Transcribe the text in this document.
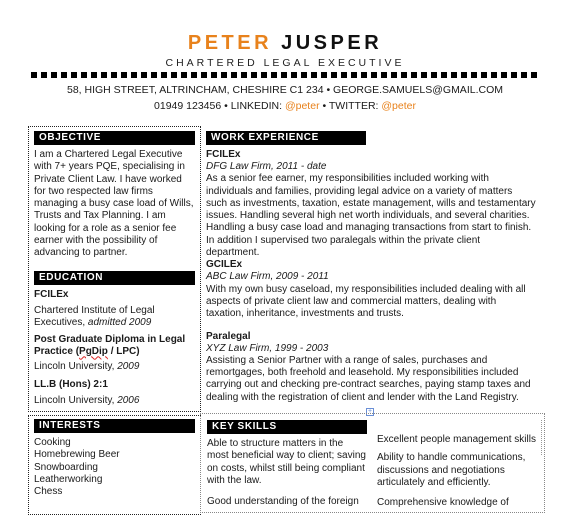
PETER JUSPER
CHARTERED LEGAL EXECUTIVE
58, HIGH STREET, ALTRINCHAM, CHESHIRE C1 234 • GEORGE.SAMUELS@GMAIL.COM
01949 123456 • LINKEDIN: @peter • TWITTER: @peter
OBJECTIVE

I am a Chartered Legal Executive with 7+ years PQE, specialising in Private Client Law. I have worked for two respected law firms managing a busy case load of Wills, Trusts and Tax Planning. I am looking for a role as a senior fee earner with the possibility of advancing to partner.

EDUCATION

FCILEx

Chartered Institute of Legal Executives, admitted 2009

Post Graduate Diploma in Legal Practice (PgDip / LPC)

Lincoln University, 2009

LL.B (Hons) 2:1

Lincoln University, 2006

WORK EXPERIENCE

FCILEx

DFG Law Firm, 2011 - date

As a senior fee earner, my responsibilities included working with individuals and families, providing legal advice on a variety of matters such as investments, taxation, estate management, wills and testamentary issues. Handling several high net worth individuals, and several charities. Handling a busy case load and managing transactions from start to finish. In addition I supervised two paralegals within the private client department.

GCILEx

ABC Law Firm, 2009 - 2011

With my own busy caseload, my responsibilities included dealing with all aspects of private client law and commercial matters, dealing with taxation, inheritance, investments and trusts.

Paralegal

XYZ Law Firm, 1999 - 2003

Assisting a Senior Partner with a range of sales, purchases and remortgages, both freehold and leasehold. My responsibilities included carrying out and checking pre-contract searches, paying stamp taxes and dealing with the registration of client and lender with the Land Registry.

+
INTERESTS

Cooking

Homebrewing Beer

Snowboarding

Leatherworking

Chess

KEY SKILLS

Able to structure matters in the most beneficial way to client; saving on costs, whilst still being compliant with the law.

Good understanding of the foreign

Excellent people management skills

Ability to handle communications, discussions and negotiations articulately and efficiently.

Comprehensive knowledge of
